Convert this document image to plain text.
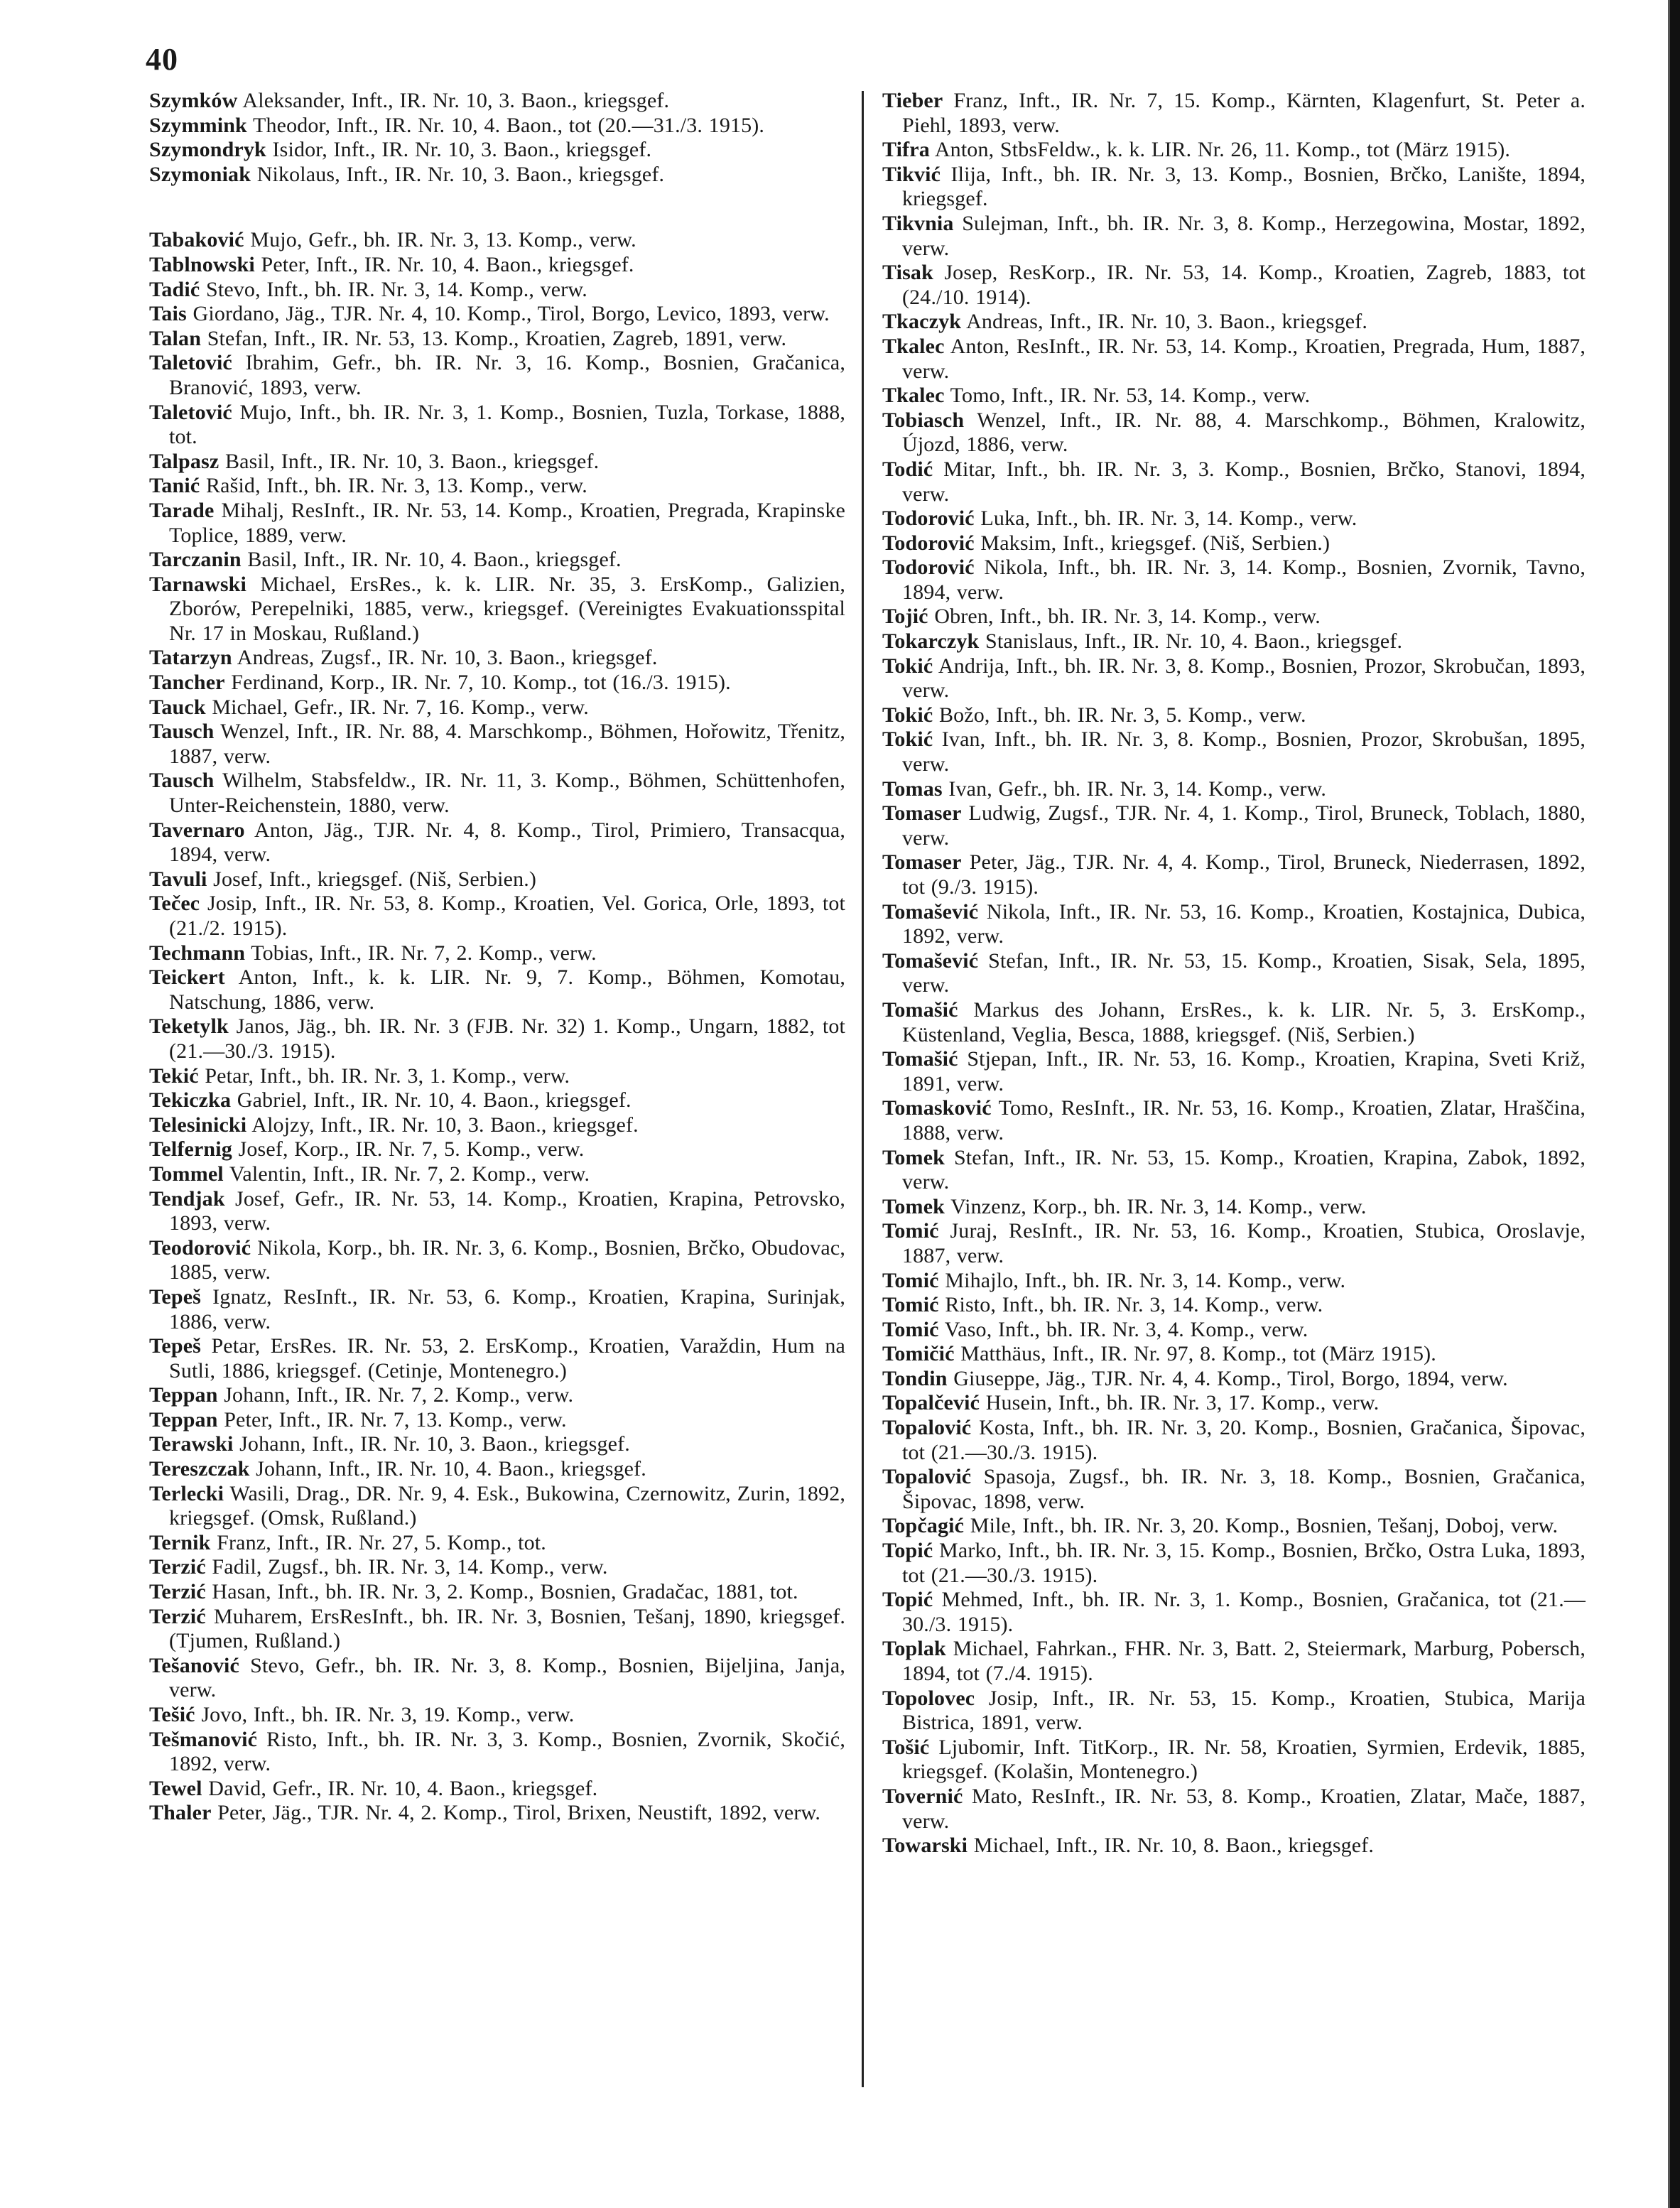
40

Szymków Aleksander, Inft., IR. Nr. 10, 3. Baon., kriegsgef.

Szymmink Theodor, Inft., IR. Nr. 10, 4. Baon., tot (20.—31./3. 1915).

Szymondryk Isidor, Inft., IR. Nr. 10, 3. Baon., kriegsgef.

Szymoniak Nikolaus, Inft., IR. Nr. 10, 3. Baon., kriegsgef.

Tabaković Mujo, Gefr., bh. IR. Nr. 3, 13. Komp., verw.

Tablnowski Peter, Inft., IR. Nr. 10, 4. Baon., kriegsgef.

Tadić Stevo, Inft., bh. IR. Nr. 3, 14. Komp., verw.

Tais Giordano, Jäg., TJR. Nr. 4, 10. Komp., Tirol, Borgo, Levico, 1893, verw.

Talan Stefan, Inft., IR. Nr. 53, 13. Komp., Kroatien, Zagreb, 1891, verw.

Taletović Ibrahim, Gefr., bh. IR. Nr. 3, 16. Komp., Bosnien, Gračanica, Branović, 1893, verw.

Taletović Mujo, Inft., bh. IR. Nr. 3, 1. Komp., Bosnien, Tuzla, Torkase, 1888, tot.

Talpasz Basil, Inft., IR. Nr. 10, 3. Baon., kriegsgef.

Tanić Rašid, Inft., bh. IR. Nr. 3, 13. Komp., verw.

Tarade Mihalj, ResInft., IR. Nr. 53, 14. Komp., Kroatien, Pregrada, Krapinske Toplice, 1889, verw.

Tarczanin Basil, Inft., IR. Nr. 10, 4. Baon., kriegsgef.

Tarnawski Michael, ErsRes., k. k. LIR. Nr. 35, 3. ErsKomp., Galizien, Zborów, Perepelniki, 1885, verw., kriegsgef. (Vereinigtes Evakuationsspital Nr. 17 in Moskau, Rußland.)

Tatarzyn Andreas, Zugsf., IR. Nr. 10, 3. Baon., kriegsgef.

Tancher Ferdinand, Korp., IR. Nr. 7, 10. Komp., tot (16./3. 1915).

Tauck Michael, Gefr., IR. Nr. 7, 16. Komp., verw.

Tausch Wenzel, Inft., IR. Nr. 88, 4. Marschkomp., Böhmen, Hořowitz, Třenitz, 1887, verw.

Tausch Wilhelm, Stabsfeldw., IR. Nr. 11, 3. Komp., Böhmen, Schüttenhofen, Unter-Reichenstein, 1880, verw.

Tavernaro Anton, Jäg., TJR. Nr. 4, 8. Komp., Tirol, Primiero, Transacqua, 1894, verw.

Tavuli Josef, Inft., kriegsgef. (Niš, Serbien.)

Tečec Josip, Inft., IR. Nr. 53, 8. Komp., Kroatien, Vel. Gorica, Orle, 1893, tot (21./2. 1915).

Techmann Tobias, Inft., IR. Nr. 7, 2. Komp., verw.

Teickert Anton, Inft., k. k. LIR. Nr. 9, 7. Komp., Böhmen, Komotau, Natschung, 1886, verw.

Teketylk Janos, Jäg., bh. IR. Nr. 3 (FJB. Nr. 32) 1. Komp., Ungarn, 1882, tot (21.—30./3. 1915).

Tekić Petar, Inft., bh. IR. Nr. 3, 1. Komp., verw.

Tekiczka Gabriel, Inft., IR. Nr. 10, 4. Baon., kriegsgef.

Telesinicki Alojzy, Inft., IR. Nr. 10, 3. Baon., kriegsgef.

Telfernig Josef, Korp., IR. Nr. 7, 5. Komp., verw.

Tommel Valentin, Inft., IR. Nr. 7, 2. Komp., verw.

Tendjak Josef, Gefr., IR. Nr. 53, 14. Komp., Kroatien, Krapina, Petrovsko, 1893, verw.

Teodorović Nikola, Korp., bh. IR. Nr. 3, 6. Komp., Bosnien, Brčko, Obudovac, 1885, verw.

Tepeš Ignatz, ResInft., IR. Nr. 53, 6. Komp., Kroatien, Krapina, Surinjak, 1886, verw.

Tepeš Petar, ErsRes. IR. Nr. 53, 2. ErsKomp., Kroatien, Varaždin, Hum na Sutli, 1886, kriegsgef. (Cetinje, Montenegro.)

Teppan Johann, Inft., IR. Nr. 7, 2. Komp., verw.

Teppan Peter, Inft., IR. Nr. 7, 13. Komp., verw.

Terawski Johann, Inft., IR. Nr. 10, 3. Baon., kriegsgef.

Tereszczak Johann, Inft., IR. Nr. 10, 4. Baon., kriegsgef.

Terlecki Wasili, Drag., DR. Nr. 9, 4. Esk., Bukowina, Czernowitz, Zurin, 1892, kriegsgef. (Omsk, Rußland.)

Ternik Franz, Inft., IR. Nr. 27, 5. Komp., tot.

Terzić Fadil, Zugsf., bh. IR. Nr. 3, 14. Komp., verw.

Terzić Hasan, Inft., bh. IR. Nr. 3, 2. Komp., Bosnien, Gradačac, 1881, tot.

Terzić Muharem, ErsResInft., bh. IR. Nr. 3, Bosnien, Tešanj, 1890, kriegsgef. (Tjumen, Rußland.)

Tešanović Stevo, Gefr., bh. IR. Nr. 3, 8. Komp., Bosnien, Bijeljina, Janja, verw.

Tešić Jovo, Inft., bh. IR. Nr. 3, 19. Komp., verw.

Tešmanović Risto, Inft., bh. IR. Nr. 3, 3. Komp., Bosnien, Zvornik, Skočić, 1892, verw.

Tewel David, Gefr., IR. Nr. 10, 4. Baon., kriegsgef.

Thaler Peter, Jäg., TJR. Nr. 4, 2. Komp., Tirol, Brixen, Neustift, 1892, verw.

Tieber Franz, Inft., IR. Nr. 7, 15. Komp., Kärnten, Klagenfurt, St. Peter a. Piehl, 1893, verw.

Tifra Anton, StbsFeldw., k. k. LIR. Nr. 26, 11. Komp., tot (März 1915).

Tikvić Ilija, Inft., bh. IR. Nr. 3, 13. Komp., Bosnien, Brčko, Lanište, 1894, kriegsgef.

Tikvnia Sulejman, Inft., bh. IR. Nr. 3, 8. Komp., Herzegowina, Mostar, 1892, verw.

Tisak Josep, ResKorp., IR. Nr. 53, 14. Komp., Kroatien, Zagreb, 1883, tot (24./10. 1914).

Tkaczyk Andreas, Inft., IR. Nr. 10, 3. Baon., kriegsgef.

Tkalec Anton, ResInft., IR. Nr. 53, 14. Komp., Kroatien, Pregrada, Hum, 1887, verw.

Tkalec Tomo, Inft., IR. Nr. 53, 14. Komp., verw.

Tobiasch Wenzel, Inft., IR. Nr. 88, 4. Marschkomp., Böhmen, Kralowitz, Újozd, 1886, verw.

Todić Mitar, Inft., bh. IR. Nr. 3, 3. Komp., Bosnien, Brčko, Stanovi, 1894, verw.

Todorović Luka, Inft., bh. IR. Nr. 3, 14. Komp., verw.

Todorović Maksim, Inft., kriegsgef. (Niš, Serbien.)

Todorović Nikola, Inft., bh. IR. Nr. 3, 14. Komp., Bosnien, Zvornik, Tavno, 1894, verw.

Tojić Obren, Inft., bh. IR. Nr. 3, 14. Komp., verw.

Tokarczyk Stanislaus, Inft., IR. Nr. 10, 4. Baon., kriegsgef.

Tokić Andrija, Inft., bh. IR. Nr. 3, 8. Komp., Bosnien, Prozor, Skrobučan, 1893, verw.

Tokić Božo, Inft., bh. IR. Nr. 3, 5. Komp., verw.

Tokić Ivan, Inft., bh. IR. Nr. 3, 8. Komp., Bosnien, Prozor, Skrobušan, 1895, verw.

Tomas Ivan, Gefr., bh. IR. Nr. 3, 14. Komp., verw.

Tomaser Ludwig, Zugsf., TJR. Nr. 4, 1. Komp., Tirol, Bruneck, Toblach, 1880, verw.

Tomaser Peter, Jäg., TJR. Nr. 4, 4. Komp., Tirol, Bruneck, Niederrasen, 1892, tot (9./3. 1915).

Tomašević Nikola, Inft., IR. Nr. 53, 16. Komp., Kroatien, Kostajnica, Dubica, 1892, verw.

Tomašević Stefan, Inft., IR. Nr. 53, 15. Komp., Kroatien, Sisak, Sela, 1895, verw.

Tomašić Markus des Johann, ErsRes., k. k. LIR. Nr. 5, 3. ErsKomp., Küstenland, Veglia, Besca, 1888, kriegsgef. (Niš, Serbien.)

Tomašić Stjepan, Inft., IR. Nr. 53, 16. Komp., Kroatien, Krapina, Sveti Križ, 1891, verw.

Tomasković Tomo, ResInft., IR. Nr. 53, 16. Komp., Kroatien, Zlatar, Hraščina, 1888, verw.

Tomek Stefan, Inft., IR. Nr. 53, 15. Komp., Kroatien, Krapina, Zabok, 1892, verw.

Tomek Vinzenz, Korp., bh. IR. Nr. 3, 14. Komp., verw.

Tomić Juraj, ResInft., IR. Nr. 53, 16. Komp., Kroatien, Stubica, Oroslavje, 1887, verw.

Tomić Mihajlo, Inft., bh. IR. Nr. 3, 14. Komp., verw.

Tomić Risto, Inft., bh. IR. Nr. 3, 14. Komp., verw.

Tomić Vaso, Inft., bh. IR. Nr. 3, 4. Komp., verw.

Tomičić Matthäus, Inft., IR. Nr. 97, 8. Komp., tot (März 1915).

Tondin Giuseppe, Jäg., TJR. Nr. 4, 4. Komp., Tirol, Borgo, 1894, verw.

Topalčević Husein, Inft., bh. IR. Nr. 3, 17. Komp., verw.

Topalović Kosta, Inft., bh. IR. Nr. 3, 20. Komp., Bosnien, Gračanica, Šipovac, tot (21.—30./3. 1915).

Topalović Spasoja, Zugsf., bh. IR. Nr. 3, 18. Komp., Bosnien, Gračanica, Šipovac, 1898, verw.

Topčagić Mile, Inft., bh. IR. Nr. 3, 20. Komp., Bosnien, Tešanj, Doboj, verw.

Topić Marko, Inft., bh. IR. Nr. 3, 15. Komp., Bosnien, Brčko, Ostra Luka, 1893, tot (21.—30./3. 1915).

Topić Mehmed, Inft., bh. IR. Nr. 3, 1. Komp., Bosnien, Gračanica, tot (21.—30./3. 1915).

Toplak Michael, Fahrkan., FHR. Nr. 3, Batt. 2, Steiermark, Marburg, Pobersch, 1894, tot (7./4. 1915).

Topolovec Josip, Inft., IR. Nr. 53, 15. Komp., Kroatien, Stubica, Marija Bistrica, 1891, verw.

Tošić Ljubomir, Inft. TitKorp., IR. Nr. 58, Kroatien, Syrmien, Erdevik, 1885, kriegsgef. (Kolašin, Montenegro.)

Tovernić Mato, ResInft., IR. Nr. 53, 8. Komp., Kroatien, Zlatar, Mače, 1887, verw.

Towarski Michael, Inft., IR. Nr. 10, 8. Baon., kriegsgef.
